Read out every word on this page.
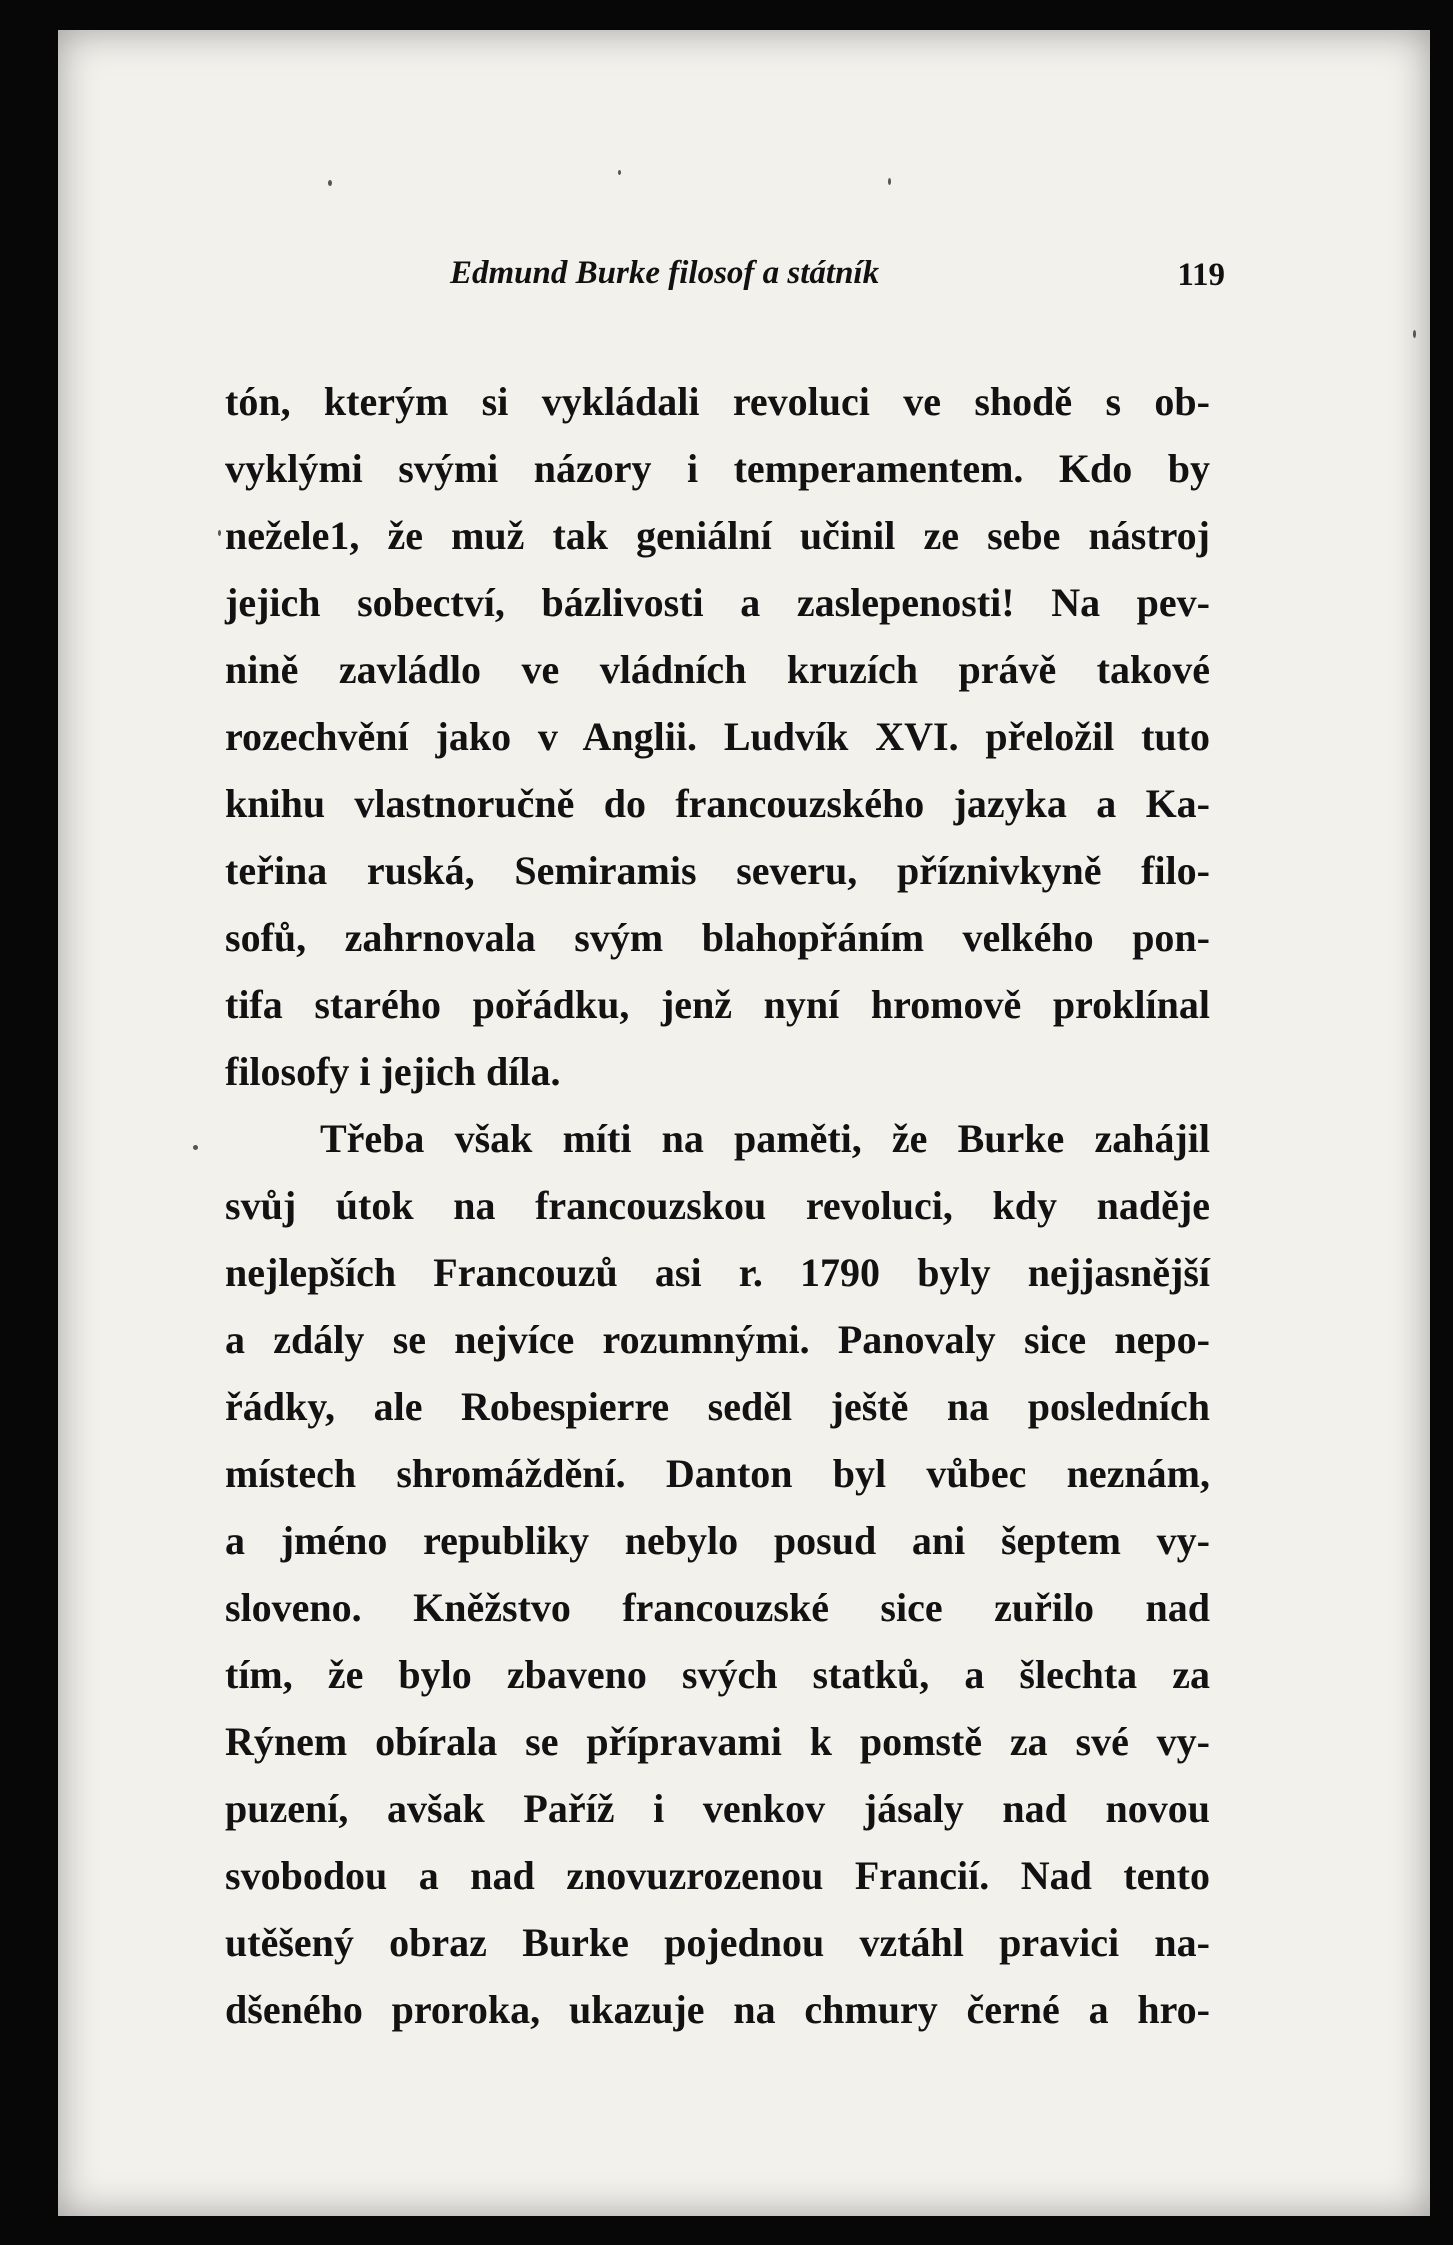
Edmund Burke filosof a státník	119
tón, kterým si vykládali revoluci ve shodě s ob-
vyklými svými názory i temperamentem. Kdo by
nežele1, že muž tak geniální učinil ze sebe nástroj
jejich sobectví, bázlivosti a zaslepenosti! Na pev-
nině zavládlo ve vládních kruzích právě takové
rozechvění jako v Anglii. Ludvík XVI. přeložil tuto
knihu vlastnoručně do francouzského jazyka a Ka-
teřina ruská, Semiramis severu, příznivkyně filo-
sofů, zahrnovala svým blahopřáním velkého pon-
tifa starého pořádku, jenž nyní hromově proklínal
filosofy i jejich díla.
Třeba však míti na paměti, že Burke zahájil
svůj útok na francouzskou revoluci, kdy naděje
nejlepších Francouzů asi r. 1790 byly nejjasnější
a zdály se nejvíce rozumnými. Panovaly sice nepo-
řádky, ale Robespierre seděl ještě na posledních
místech shromáždění. Danton byl vůbec neznám,
a jméno republiky nebylo posud ani šeptem vy-
sloveno. Kněžstvo francouzské sice zuřilo nad
tím, že bylo zbaveno svých statků, a šlechta za
Rýnem obírala se přípravami k pomstě za své vy-
puzení, avšak Paříž i venkov jásaly nad novou
svobodou a nad znovuzrozenou Francií. Nad tento
utěšený obraz Burke pojednou vztáhl pravici na-
dšeného proroka, ukazuje na chmury černé a hro-
